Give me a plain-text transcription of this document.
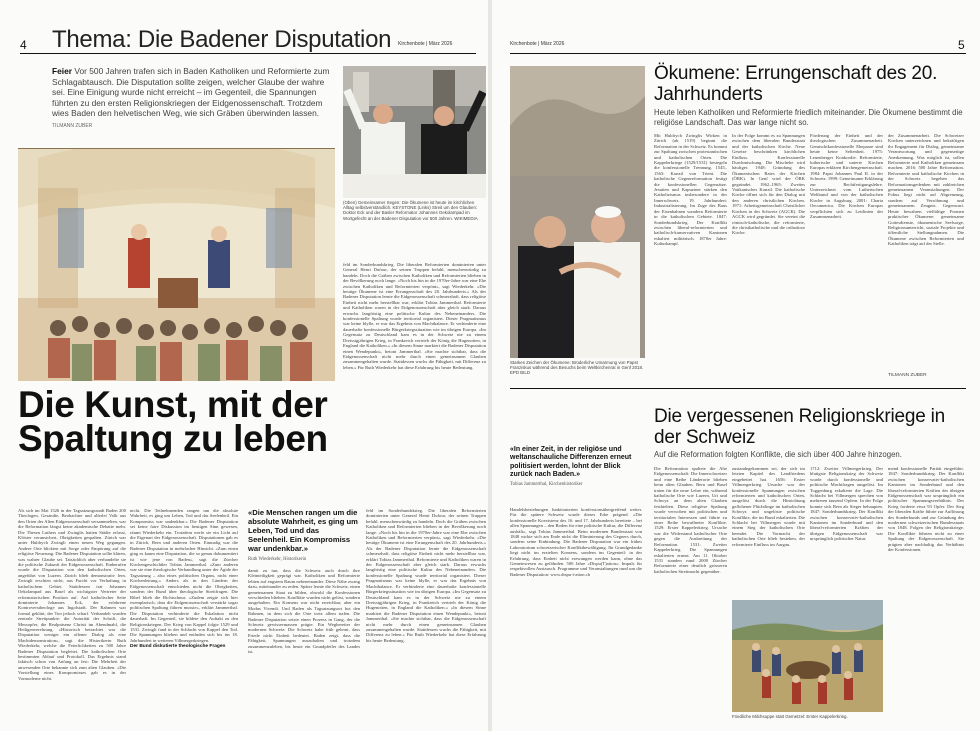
4 Thema: Die Badener Disputation Kirchenbote | März 2026
Feier Vor 500 Jahren trafen sich in Baden Katholiken und Reformierte zum Schlagabtausch. Die Disputation sollte zeigen, welcher Glaube der wahre sei. Eine Einigung wurde nicht erreicht – im Gegenteil, die Spannungen führten zu den ersten Religionskriegen der Eidgenossenschaft. Trotzdem wies Baden den helvetischen Weg, wie sich Gräben überwinden lassen. TILMANN ZUBER
(Oben) Gemeinsamer Segen: Die Ökumene ist heute im kirchlichen Alltag selbstverständlich. KEYSTONE (Links) Streit um den Glauben: Doktor Eck und der Basler Reformator Johannes Oekolampad im Wortgefecht an der Badener Disputation vor 500 Jahren. WIKIMEDIA
Die Kunst, mit der Spaltung zu leben
Als sich im Mai 1526 in der Tagsatzungsstadt Baden 200 Theologen, Gesandte, Beobachter und allerlei Volk aus den Orten der Alten Eidgenossenschaft versammelten, war die Reformation längst keine akademische Debatte mehr. Die Thesen Luthers und Zwinglis hatten Städte erfasst, Klöster verunsichert, Obrigkeiten gespalten. Zürich war unter Huldrych Zwingli einen neuen Weg gegangen. Andere Orte blickten mit Sorge oder Empörung auf die religiöse Neuerung. Die Badener Disputation sollte klären, was wahrer Glaube sei. Tatsächlich aber verhandelte sie die politische Zukunft der Eidgenossenschaft. Einberufen wurde die Disputation von den katholischen Orten, angeführt von Luzern. Zürich blieb demonstrativ fern. Zwingli erschien nicht, aus Furcht vor Verhaftung in katholischem Gebiet. Stattdessen trat Johannes Oekolampad aus Basel als wichtigster Vertreter der reformatorischen Position auf. Auf katholischer Seite dominierte Johannes Eck, der erfahrene Kontroverstheologe aus Ingolstadt. Der Rahmen war formal geklärt, der Ton jedoch scharf. Verhandelt wurden zentrale Streitpunkte: die Autorität der Schrift, die Messopfer, die Realpräsenz Christi im Abendmahl, die Heiligenverehrung. «Historisch betrachtet war die Disputation weniger ein offener Dialog als eine Machtdemonstration», sagt die Historikerin Ruth Wiederkehr, welche die Feierlichkeiten zu 500 Jahre Badener Disputation begleitet. Die katholischen Orte bestimmten Ablauf und Protokoll. Das Ergebnis stand faktisch schon von Anfang an fest: Die Mehrheit der anwesenden Orte bekannte sich zum alten Glauben. «Die Vorstellung eines Kompromisses gab es in der Vormoderne nicht.
nicht. Die Teilnehmenden rangen um die absolute Wahrheit, es ging um Leben, Tod und das Seelenheil. Ein Kompromiss war undenkbar.» Die Badener Disputation sei keine faire Diskussion im heutigen Sinn gewesen, räumt Wiederkehr ein. Trotzdem werfe sie ein Licht auf die Eigenart der Eidgenossenschaft. Disputationen gab es in Zürich, Bern und anderen Orten. Einmalig war die Badener Disputation in mehrfacher Hinsicht. «Zum einen ging es kaum eine Disputation, die so genau dokumentiert ist wie jene von Baden», sagt die Zürcher Kirchengeschichtler Tobias Jammerthal. «Zum anderen war sie eine theologische Verhandlung unter der Ägide der Tagsatzung – also eines politischen Organs, nicht einer Kirchenleitung.» Anders als in den Ländern der Eidgenossenschaft entschieden nicht die Obrigkeiten, sondern der Bund über theologische Streitfragen. Die Bibel blieb die Richtschnur. «Zudem zeigte sich hier exemplarisch, dass die Eidgenossenschaft verstärkt sogar politischen Spaltung führen musste», erklärt Jammerthal. Die Disputation verhinderte die Eskalation nicht dauerhaft. Im Gegenteil, sie bildete den Auftakt zu den Religionskriegen. Der Krieg von Kappel folgte 1529 und 1531. Zwingli fand in der Schlacht von Kappel den Tod. Die Spannungen blieben und entluden sich bis ins 18. Jahrhundert in weiteren Villmergerkriegen.
Der Bund diskutierte theologische Fragen
feld im Sonderbundskrieg. Die liberalen Reformierten dominierten unter General Henri Dufour, der seinen Truppen befahl, menschenwürdig zu handeln. Doch die Gräben zwischen Katholiken und Reformierten blieben in der Bevölkerung noch lange. «Noch bis hin in die 1970er-Jahre war eine Ehe zwischen Katholiken und Reformierten verpönt», sagt Wiederkehr. «Die heutige Ökumene ist eine Errungenschaft des 20. Jahrhunderts.» Als der Badener Disputation lernte die Eidgenossenschaft schmerzhaft, dass religiöse Einheit nicht mehr herstellbar war, erklärt Tobias Jammerthal. Reformierte und Katholiken waren in der Eidgenossenschaft aber gleich stark. Daraus erwuchs langfristig eine politische Kultur des Nebeneinanders. Die konfessionelle Spaltung wurde territorial organisiert. Dieser Pragmatismus war keine Idylle, er war das Ergebnis von Machtbalance. Er verhinderte eine dauerhafte konfessionelle Bürgerkriegssituation wie im übrigen Europa. «Im Gegensatz zu Deutschland kam es in der Schweiz nie zu einem Dreissigjährigen Krieg, in Frankreich vertrieb der König die Hugenotten, in England die Katholiken.» «In diesem Sinne markiert die Badener Disputation einen Wendepunkt», betont Jammerthal. «Sie machte sichtbar, dass die Eidgenossenschaft nicht mehr durch einen gemeinsamen Glauben zusammengehalten wurde. Stattdessen wuchs die Fähigkeit, mit Differenz zu leben.» Für Ruth Wiederkehr hat diese Erfahrung bis heute Bedeutung.
«Die Menschen rangen um die absolute Wahrheit, es ging um Leben, Tod und das Seelenheil. Ein Kompromiss war undenkbar.»
Ruth Wiederkehr, Historikerin
damit zu tun, dass die Schweiz auch durch ihre Kleinteiligkeit geprägt war. Katholiken und Reformierte lebten auf engstem Raum nebeneinander. Diese Nähe zwang dazu, miteinander zu reden. Später lernte die Schweiz, einen gemeinsamen Staat zu bilden, obwohl die Konfessionen verschieden blieben. Konflikte wurden nicht gelöst, sondern ausgehalten. Ein Konsens war nicht erreichbar, aber ein Modus Vivendi. Und Baden als Tagsatzungsort bot den Rahmen, in dem sich die Orte trotz allem trafen. Die Badener Disputation setzte einen Prozess in Gang, der die Schweiz gewissermassen prägte. Ein Wegbereiter der modernen Schweiz: Die Schweiz habe früh gelernt, dass Friede nicht Einheit bedeutet. Baden zeigt, dass die Fähigkeit, Spannungen auszuhalten und trotzdem zusammenzuleben, bis heute ein Grundpfeiler des Landes ist.
feld im Sonderbundskrieg. Die liberalen Reformierten dominierten unter General Henri Dufour, der seinen Truppen befahl, menschenwürdig zu handeln. Doch die Gräben zwischen Katholiken und Reformierten blieben in der Bevölkerung noch lange. «Noch bis hin in die 1970er-Jahre war eine Ehe zwischen Katholiken und Reformierten verpönt», sagt Wiederkehr. «Die heutige Ökumene ist eine Errungenschaft des 20. Jahrhunderts.» Als der Badener Disputation lernte die Eidgenossenschaft schmerzhaft, dass religiöse Einheit nicht mehr herstellbar war, erklärt Tobias Jammerthal. Reformierte und Katholiken waren in der Eidgenossenschaft aber gleich stark. Daraus erwuchs langfristig eine politische Kultur des Nebeneinanders. Die konfessionelle Spaltung wurde territorial organisiert. Dieser Pragmatismus war keine Idylle, er war das Ergebnis von Machtbalance. Er verhinderte eine dauerhafte konfessionelle Bürgerkriegssituation wie im übrigen Europa. «Im Gegensatz zu Deutschland kam es in der Schweiz nie zu einem Dreissigjährigen Krieg, in Frankreich vertrieb der König die Hugenotten, in England die Katholiken.» «In diesem Sinne markiert die Badener Disputation einen Wendepunkt», betont Jammerthal. «Sie machte sichtbar, dass die Eidgenossenschaft nicht mehr durch einen gemeinsamen Glauben zusammengehalten wurde. Stattdessen wuchs die Fähigkeit, mit Differenz zu leben.» Für Ruth Wiederkehr hat diese Erfahrung bis heute Bedeutung.
Kirchenbote | März 2026	5
Starkes Zeichen der Ökumene: Brüderliche Umarmung von Papst Franziskus während des Besuchs beim Weltkirchenrat in Genf 2018. EPD BILD
Ökumene: Errungenschaft des 20. Jahrhunderts
Heute leben Katholiken und Reformierte friedlich miteinander. Die Ökumene bestimmt die religiöse Landschaft. Das war lange nicht so.
Mit Huldrych Zwinglis Wirken in Zürich (ab 1519) beginnt die Reformation in der Schweiz. Es kommt zur Spaltung zwischen protestantischen und katholischen Orten. Die Kappelerkriege (1529/1531) besiegeln die konfessionelle Trennung. 1545–1563: Konzil von Trient. Die katholische Gegenreformation festigt die konfessionellen Gegensätze. Jesuiten und Kapuziner stärken den Katholizismus insbesondere in der Innerschweiz. 19. Jahrhundert: Industrialisierung. Im Zuge des Baus der Eisenbahnen wandern Reformierte in die katholischen Gebiete. 1847: Sonderbundskrieg. Der Konflikt zwischen liberal-reformierten und katholisch-konservativen Kantonen eskaliert militärisch. 1870er Jahre: Kulturkampf.
In der Folge kommt es zu Spannungen zwischen dem liberalen Bundesstaat und der katholischen Kirche. Neue Gesetze beschränken kirchlichen Einfluss. Konfessionelle Durchmischung. Die Mischehe wird häufiger. 1948: Gründung des Ökumenischen Rates der Kirchen (ÖRK). In Genf wird der ÖRK gegründet. 1962–1965: Zweites Vatikanisches Konzil. Die katholische Kirche öffnet sich für den Dialog mit den anderen christlichen Kirchen. 1971: Arbeitsgemeinschaft Christlicher Kirchen in der Schweiz (AGCK). Die AGCK wird gegründet. Sie vereint die römisch-katholische, die reformierte, die christkatholische und die orthodoxe Kirche.
Förderung der Einheit und der theologischen Zusammenarbeit. Gemischtkonfessionelle Ehepaare sind heute keine Seltenheit. 1975: Leuenberger Konkordie. Reformierte, lutherische und unierte Kirchen Europas erklären Kirchengemeinschaft. 1984: Papst Johannes Paul II. in der Schweiz. 1999: Gemeinsame Erklärung zur Rechtfertigungslehre. Unterzeichnet vom Lutherischen Weltbund und von der katholischen Kirche in Augsburg. 2001: Charta Oecumenica. Die Kirchen Europas verpflichten sich zu Leitlinien der Zusammenarbeit.
der Zusammenarbeit. Die Schweizer Kirchen unterzeichnen und bekräftigen ihr Engagement für Dialog, gemeinsame Verantwortung und gegenseitige Anerkennung. Was möglich ist, sollen Reformierte und Katholiken gemeinsam machen. 2016: 500 Jahre Reformation. Reformierte und katholische Kirchen in der Schweiz begehen das Reformationsgedenken mit zahlreichen gemeinsamen Veranstaltungen. Der Fokus liegt nicht auf Abgrenzung, sondern auf Versöhnung und gemeinsamem Zeugnis. Gegenwart. Heute bewahren vielfältige Formen praktischer Ökumene: gemeinsame Gottesdienste, ökumenische Seelsorge, Religionsunterricht, soziale Projekte und öffentliche Stellungnahmen. Die Ökumene zwischen Reformierten und Katholiken trägt auf der Stelle.
TILMANN ZUBER
«In einer Zeit, in der religiöse und weltanschauliche Differenzen erneut politisiert werden, lohnt der Blick zurück nach Baden.»
Tobias Jammerthal, Kirchenhistoriker
Handelsbeziehungen funktionierten konfessionsübergreifend weiter. Für die spätere Schweiz wurde dieses Erbe prägend. «Die konfessionelle Koexistenz des 16. und 17. Jahrhunderts bereitete – bei allen Spannungen – den Boden für eine politische Kultur, die Differenz aushält», sagt Tobias Jammerthal. Beim modernen Bundesstaat von 1848 wirkte sich am Ende nicht die Eliminierung des Gegners durch, sondern seine Einbindung. Die Badener Disputation war ein frühes Laboratorium schweizerischer Konfliktbewältigung. Ihr Grundgedanke liegt nicht im erzielten Konsens, sondern im Gegenteil: in der Erfahrung, dass Einheit nicht erzwungen werden kann, ohne das Gemeinwesen zu gefährden. 500 Jahre «Dispu(T)ation»: Impuls für respektvollen Austausch. Programme und Veranstaltungen rund um die Badener Disputation: www.dispu-t-ation.ch
Die vergessenen Religionskriege in der Schweiz
Auf die Reformation folgten Konflikte, die sich über 400 Jahre hinzogen.
Die Reformation spaltete die Alte Eidgenossenschaft: Die Innerschweizer und eine Reihe Länderorte blieben beim alten Glauben. Bern und Basel traten für die neue Lehre ein, während katholische Orte wie Luzern, Uri und Schwyz an dem alten Glauben festhielten. Diese religiöse Spaltung wurde verwoben mit politischen und territorialen Interessen und führte zu einer Reihe bewaffneter Konflikte. 1529: Erster Kappelerkrieg. Ursache war die Widerstand katholischer Orte gegen die Ausbreitung der Reformation. 1531: Zweiter Kappelerkrieg. Die Spannungen eskalierten erneut. Am 11. Oktober 1531 standen rund 2000 Zürcher Reformierte einer deutlich grösseren katholischen Streitmacht gegenüber.
zustandegekommen sei, der sich im letzten Kapitel des Landfriedens eingebettet hat. 1656: Erster Villmergerkrieg. Ursache war der konfessionelle Spannungen zwischen reformierten und katholischen Orten, ausgelöst durch die Hinrichtung geflohener Flüchtlinge im katholischen Schwyz und ungelöste politische Konflikte, die im Bund eskalierten. Die Schlacht bei Villmergen wurde mit einem Sieg der katholischen Orte beendet. Die Vormacht der katholischen Orte blieb bestehen, der reformierte Einfluss im Aargau.
1712: Zweiter Villmergerkrieg. Der blutigste Religionskrieg der Schweiz wurde durch konfessionelle und politische Machtfragen ausgelöst. Im Toggenburg eskalierte die Lage. Die Schlacht bei Villmergen sprechen von mehreren tausend Opfern. In der Folge konnte sich Bern als Sieger behaupten. 1847: Sonderbundskrieg. Der Konflikt zwischen konservativ-katholischen Kantonen im Sonderbund und den liberal-reformierten Kräften der übrigen Eidgenossenschaft war ursprünglich politischer Natur.
mend konfessionelle Parität eingeführt. 1847: Sonderbundskrieg. Der Konflikt zwischen konservativ-katholischen Kantonen im Sonderbund und den liberal-reformierten Kräften der übrigen Eidgenossenschaft war ursprünglich ein politischer Spannungsverhältnis. Der Krieg forderte etwa 93 Opfer. Der Sieg der liberalen Kräfte führte zur Auflösung des Sonderbunds und zur Gründung des modernen schweizerischen Bundesstaats von 1848. Folgen der Religionskriege. Die Konflikte führten nicht zu einer Spaltung der Eidgenossenschaft. Sie prägten aber nachhaltig das Verhältnis der Konfessionen.
Friedliche Milchsuppe statt Gemetzel: Erster Kappelerkrieg.
